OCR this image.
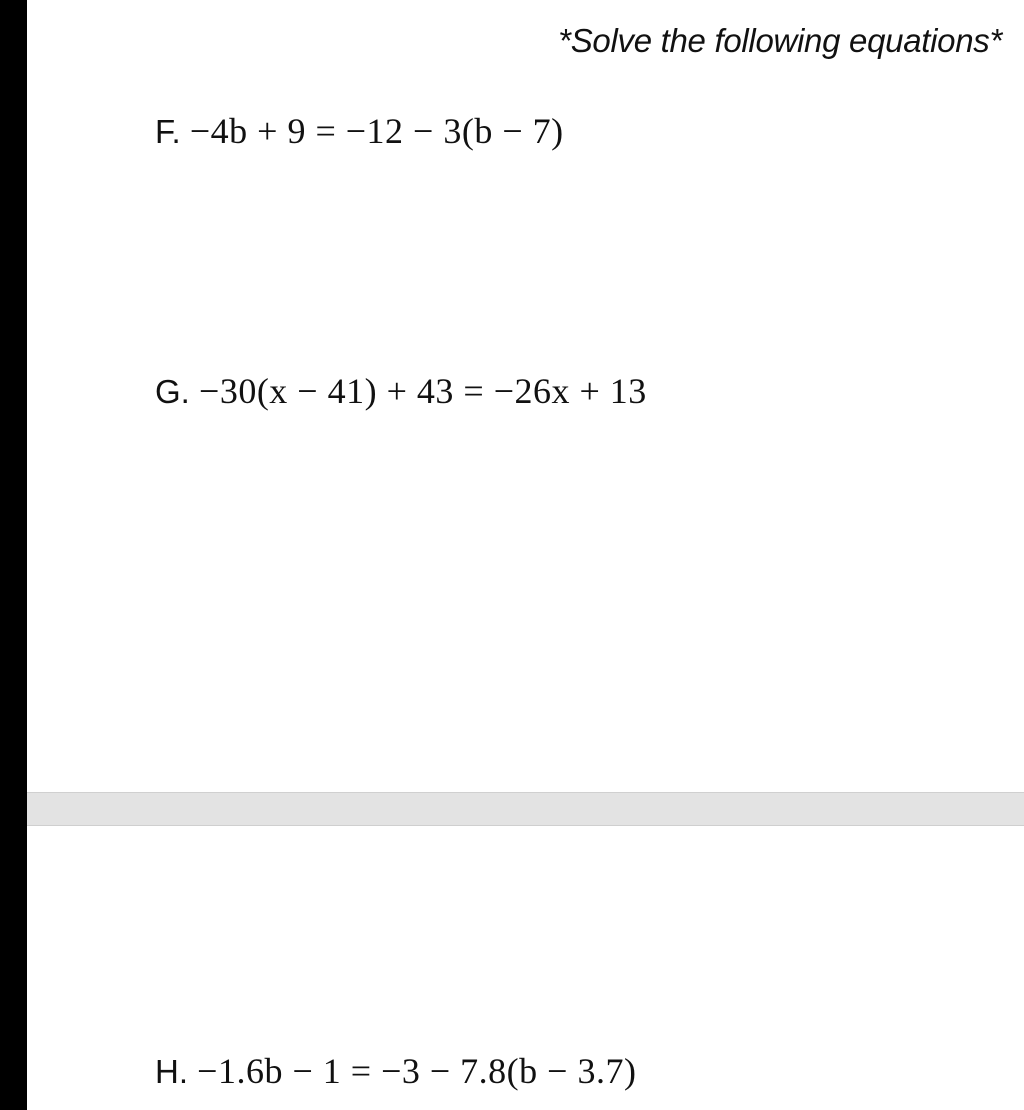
*Solve the following equations*
F. −4b + 9 = −12 − 3(b − 7)
G. −30(x − 41) + 43 = −26x + 13
H. −1.6b − 1 = −3 − 7.8(b − 3.7)
